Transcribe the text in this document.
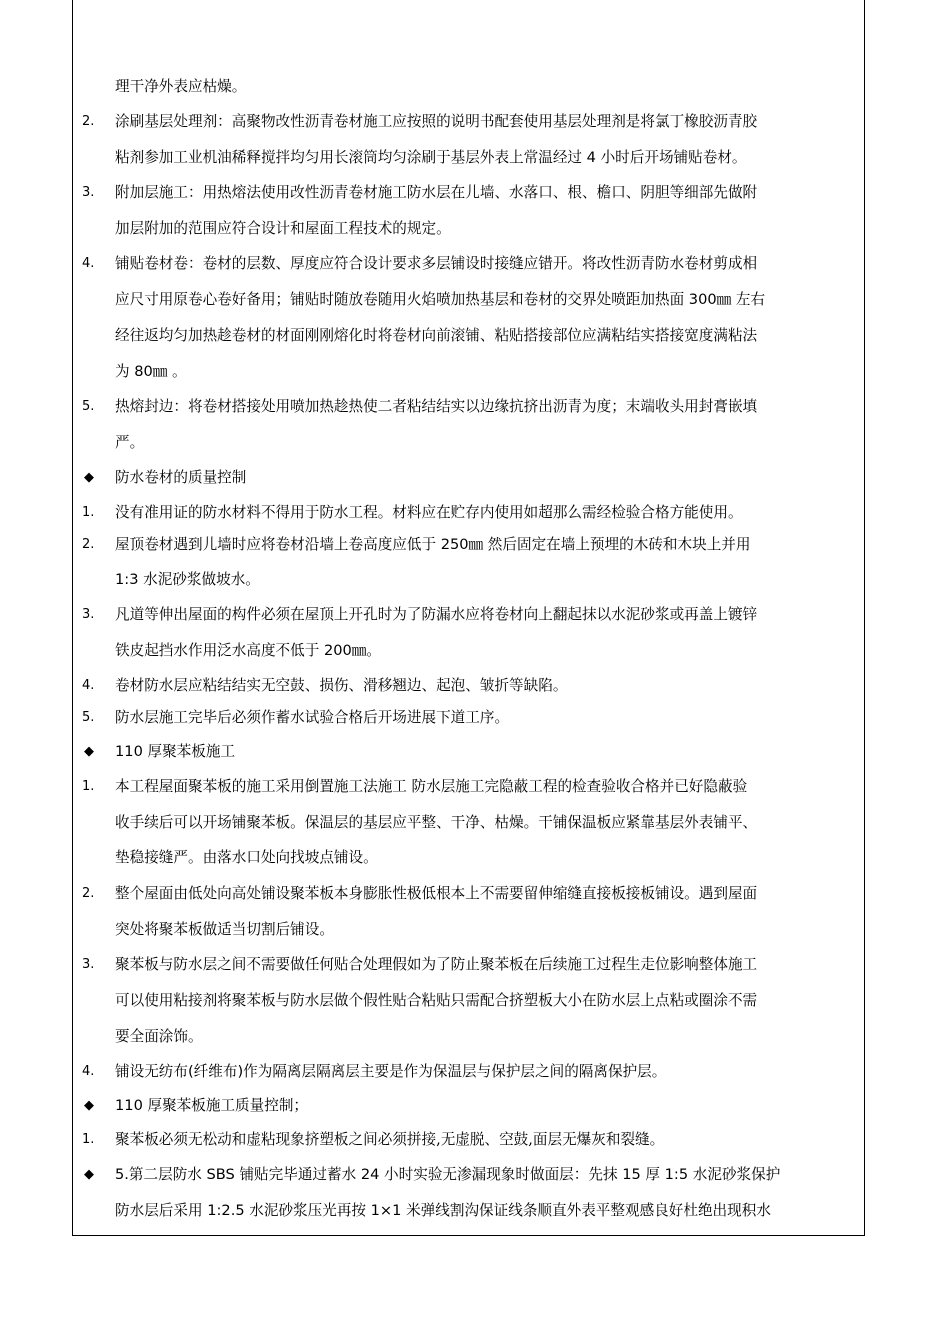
理干净外表应枯燥。
2. 涂刷基层处理剂：高聚物改性沥青卷材施工应按照的说明书配套使用基层处理剂是将氯丁橡胶沥青胶
粘剂参加工业机油稀释搅拌均匀用长滚筒均匀涂刷于基层外表上常温经过 4 小时后开场铺贴卷材。
3. 附加层施工：用热熔法使用改性沥青卷材施工防水层在儿墙、水落口、根、檐口、阴胆等细部先做附
加层附加的范围应符合设计和屋面工程技术的规定。
4. 铺贴卷材卷：卷材的层数、厚度应符合设计要求多层铺设时接缝应错开。将改性沥青防水卷材剪成相
应尺寸用原卷心卷好备用；铺贴时随放卷随用火焰喷加热基层和卷材的交界处喷距加热面 300㎜ 左右
经往返均匀加热趁卷材的材面刚刚熔化时将卷材向前滚铺、粘贴搭接部位应满粘结实搭接宽度满粘法
为 80㎜ 。
5. 热熔封边：将卷材搭接处用喷加热趁热使二者粘结结实以边缘抗挤出沥青为度；末端收头用封膏嵌填
严。
◆ 防水卷材的质量控制
1. 没有准用证的防水材料不得用于防水工程。材料应在贮存内使用如超那么需经检验合格方能使用。
2. 屋顶卷材遇到儿墙时应将卷材沿墙上卷高度应低于 250㎜ 然后固定在墙上预埋的木砖和木块上并用
1:3 水泥砂浆做坡水。
3. 凡道等伸出屋面的构件必须在屋顶上开孔时为了防漏水应将卷材向上翻起抹以水泥砂浆或再盖上镀锌
铁皮起挡水作用泛水高度不低于 200㎜。
4. 卷材防水层应粘结结实无空鼓、损伤、滑移翘边、起泡、皱折等缺陷。
5. 防水层施工完毕后必须作蓄水试验合格后开场进展下道工序。
◆ 110 厚聚苯板施工
1. 本工程屋面聚苯板的施工采用倒置施工法施工 防水层施工完隐蔽工程的检查验收合格并已好隐蔽验
收手续后可以开场铺聚苯板。保温层的基层应平整、干净、枯燥。干铺保温板应紧靠基层外表铺平、
垫稳接缝严。由落水口处向找坡点铺设。
2. 整个屋面由低处向高处铺设聚苯板本身膨胀性极低根本上不需要留伸缩缝直接板接板铺设。遇到屋面
突处将聚苯板做适当切割后铺设。
3. 聚苯板与防水层之间不需要做任何贴合处理假如为了防止聚苯板在后续施工过程生走位影响整体施工
可以使用粘接剂将聚苯板与防水层做个假性贴合粘贴只需配合挤塑板大小在防水层上点粘或圈涂不需
要全面涂饰。
4. 铺设无纺布(纤维布)作为隔离层隔离层主要是作为保温层与保护层之间的隔离保护层。
◆ 110 厚聚苯板施工质量控制；
1. 聚苯板必须无松动和虚粘现象挤塑板之间必须拼接,无虚脱、空鼓,面层无爆灰和裂缝。
◆ 5.第二层防水 SBS 铺贴完毕通过蓄水 24 小时实验无渗漏现象时做面层：先抹 15 厚 1:5 水泥砂浆保护
防水层后采用 1:2.5 水泥砂浆压光再按 1×1 米弹线割沟保证线条顺直外表平整观感良好杜绝出现积水
